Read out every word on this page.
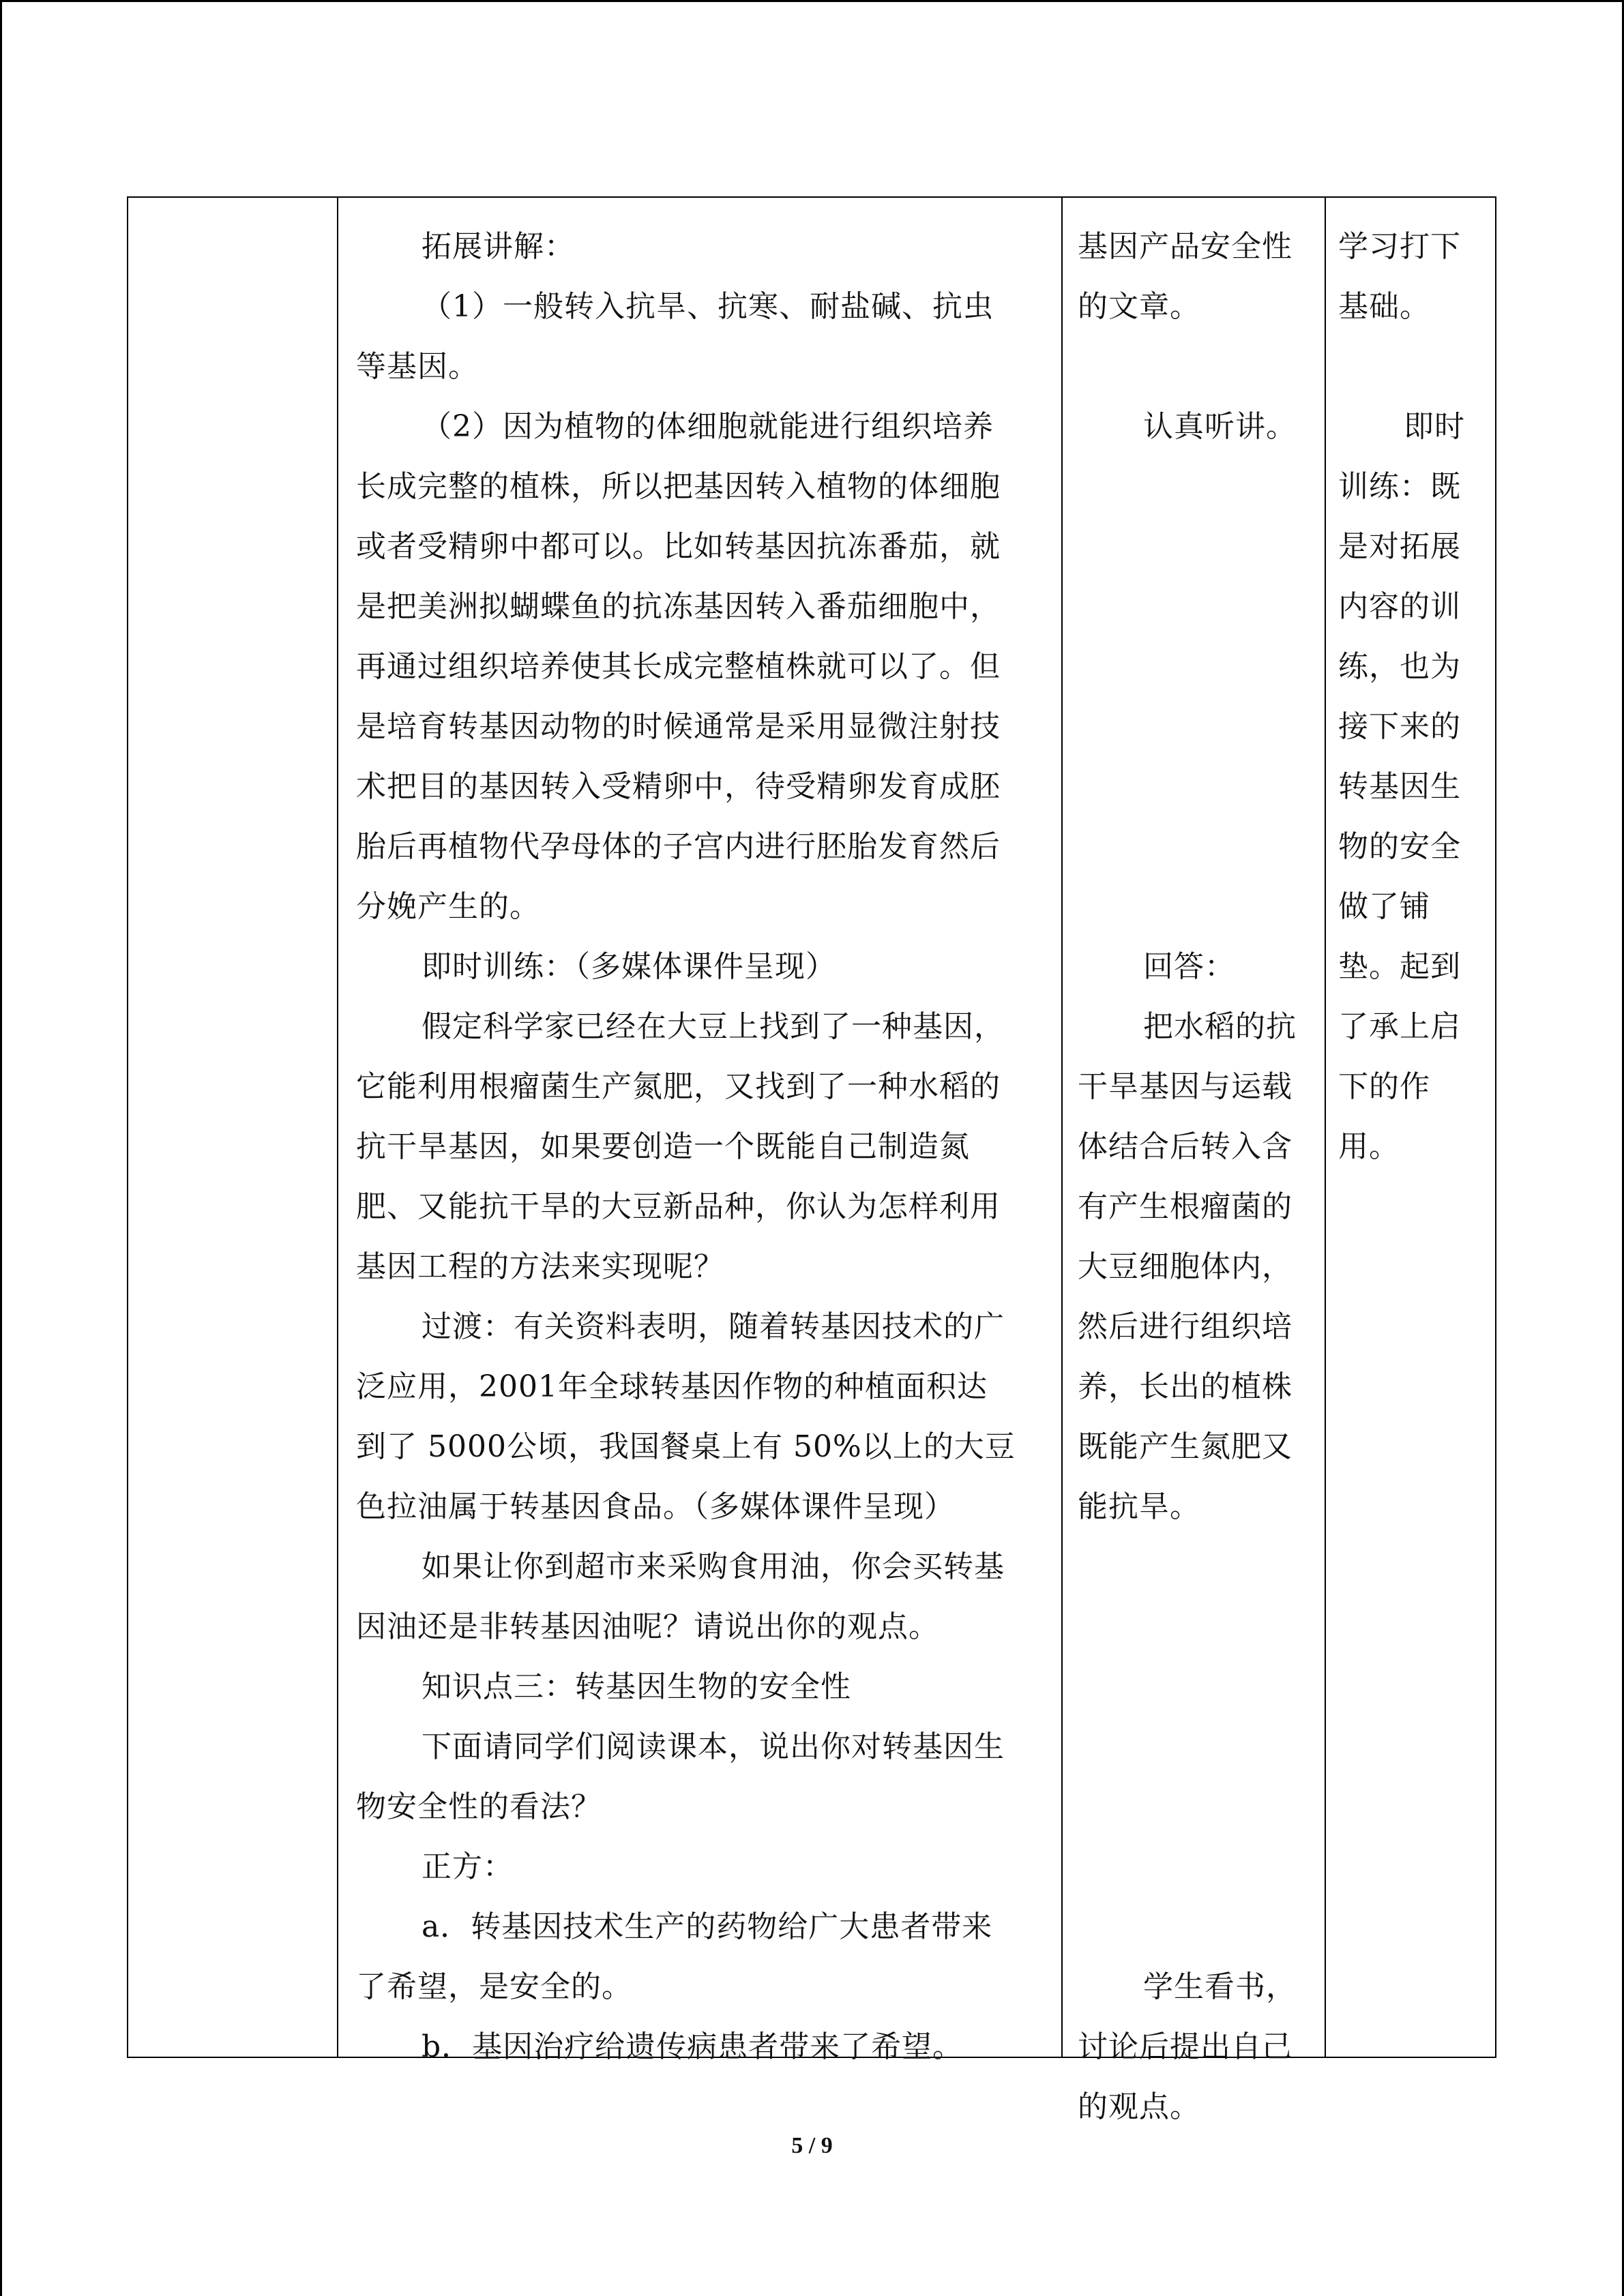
拓展讲解：

（1）一般转入抗旱、抗寒、耐盐碱、抗虫

等基因。

（2）因为植物的体细胞就能进行组织培养

长成完整的植株，所以把基因转入植物的体细胞

或者受精卵中都可以。比如转基因抗冻番茄，就

是把美洲拟蝴蝶鱼的抗冻基因转入番茄细胞中，

再通过组织培养使其长成完整植株就可以了。但

是培育转基因动物的时候通常是采用显微注射技

术把目的基因转入受精卵中，待受精卵发育成胚

胎后再植物代孕母体的子宫内进行胚胎发育然后

分娩产生的。

即时训练：（多媒体课件呈现）

假定科学家已经在大豆上找到了一种基因，

它能利用根瘤菌生产氮肥，又找到了一种水稻的

抗干旱基因，如果要创造一个既能自己制造氮

肥、又能抗干旱的大豆新品种，你认为怎样利用

基因工程的方法来实现呢？

过渡：有关资料表明，随着转基因技术的广

泛应用，2001年全球转基因作物的种植面积达

到了 5000公顷，我国餐桌上有 50%以上的大豆

色拉油属于转基因食品。（多媒体课件呈现）

如果让你到超市来采购食用油，你会买转基

因油还是非转基因油呢？请说出你的观点。

知识点三：转基因生物的安全性

下面请同学们阅读课本，说出你对转基因生

物安全性的看法？

正方：

a．转基因技术生产的药物给广大患者带来

了希望，是安全的。

b．基因治疗给遗传病患者带来了希望。

基因产品安全性

的文章。

认真听讲。

回答：

把水稻的抗

干旱基因与运载

体结合后转入含

有产生根瘤菌的

大豆细胞体内，

然后进行组织培

养，长出的植株

既能产生氮肥又

能抗旱。

学生看书，

讨论后提出自己

的观点。

学习打下

基础。

即时

训练：既

是对拓展

内容的训

练，也为

接下来的

转基因生

物的安全

做了铺

垫。起到

了承上启

下的作

用。

5 / 9
